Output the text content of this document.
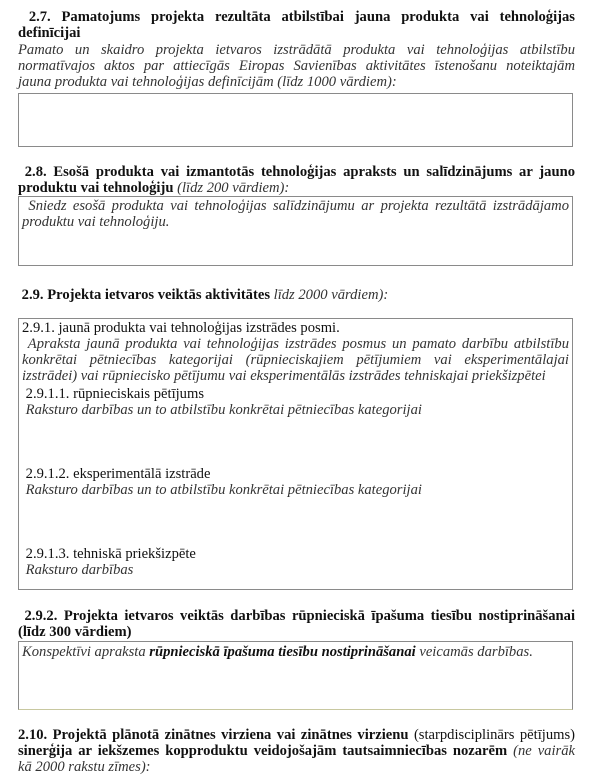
2.7. Pamatojums projekta rezultāta atbilstībai jauna produkta vai tehnoloģijas
definīcijai
Pamato un skaidro projekta ietvaros izstrādātā produkta vai tehnoloģijas atbilstību
normatīvajos aktos par attiecīgās Eiropas Savienības aktivitātes īstenošanu noteiktajām
jauna produkta vai tehnoloģijas definīcijām (līdz 1000 vārdiem):
2.8. Esošā produkta vai izmantotās tehnoloģijas apraksts un salīdzinājums ar jauno
produktu vai tehnoloģiju (līdz 200 vārdiem):
Sniedz esošā produkta vai tehnoloģijas salīdzinājumu ar projekta rezultātā izstrādājamo
produktu vai tehnoloģiju.
2.9. Projekta ietvaros veiktās aktivitātes līdz 2000 vārdiem):
2.9.1. jaunā produkta vai tehnoloģijas izstrādes posmi.
Apraksta jaunā produkta vai tehnoloģijas izstrādes posmus un pamato darbību atbilstību
konkrētai pētniecības kategorijai (rūpnieciskajiem pētījumiem vai eksperimentālajai
izstrādei) vai rūpniecisko pētījumu vai eksperimentālās izstrādes tehniskajai priekšizpētei
2.9.1.1. rūpnieciskais pētījums
Raksturo darbības un to atbilstību konkrētai pētniecības kategorijai
2.9.1.2. eksperimentālā izstrāde
Raksturo darbības un to atbilstību konkrētai pētniecības kategorijai
2.9.1.3. tehniskā priekšizpēte
Raksturo darbības
2.9.2. Projekta ietvaros veiktās darbības rūpnieciskā īpašuma tiesību nostiprināšanai
(līdz 300 vārdiem)
Konspektīvi apraksta rūpnieciskā īpašuma tiesību nostiprināšanai veicamās darbības.
2.10. Projektā plānotā zinātnes virziena vai zinātnes virzienu (starpdisciplinārs pētījums)
sinerģija ar iekšzemes kopproduktu veidojošajām tautsaimniecības nozarēm (ne vairāk
kā 2000 rakstu zīmes):
